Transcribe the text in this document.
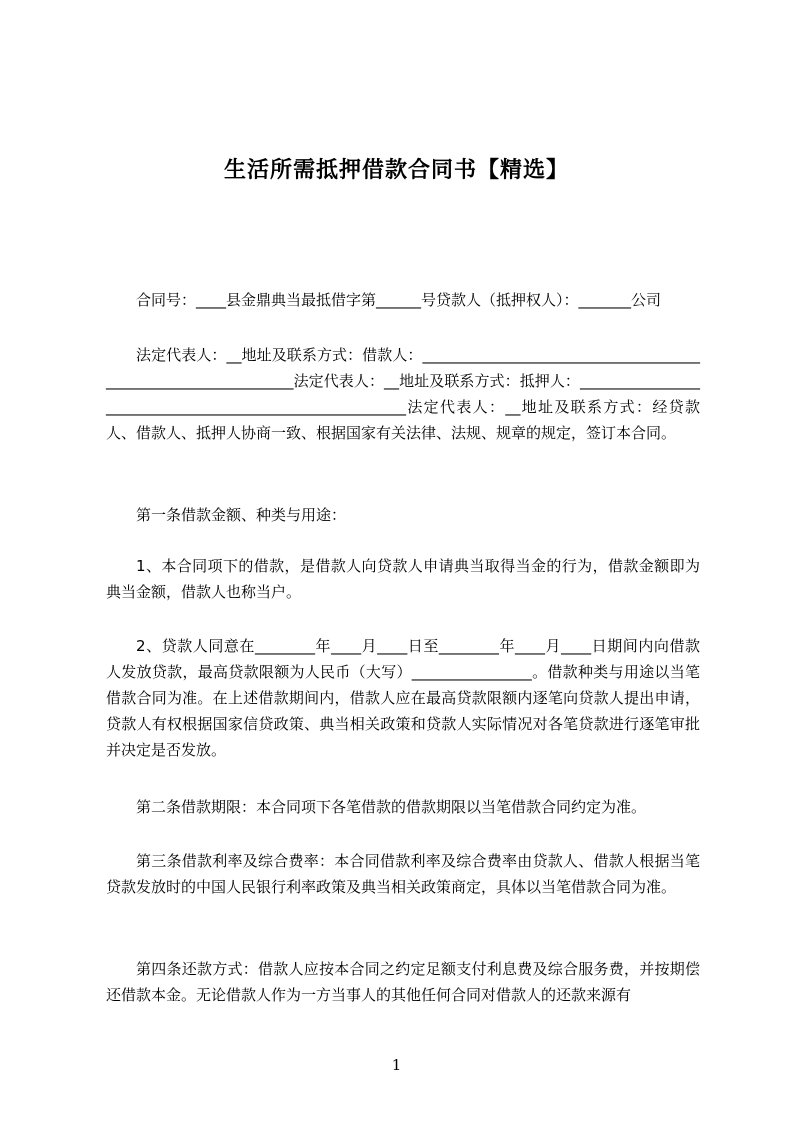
生活所需抵押借款合同书【精选】

合同号：____县金鼎典当最抵借字第______号贷款人（抵押权人）：_______公司

法定代表人：__地址及联系方式：借款人：______________________________________________________________法定代表人：__地址及联系方式：抵押人：________________________________________________________法定代表人：__地址及联系方式：经贷款人、借款人、抵押人协商一致、根据国家有关法律、法规、规章的规定，签订本合同。

第一条借款金额、种类与用途：

1、本合同项下的借款，是借款人向贷款人申请典当取得当金的行为，借款金额即为典当金额，借款人也称当户。

2、贷款人同意在________年____月____日至________年____月____日期间内向借款人发放贷款，最高贷款限额为人民币（大写）________________。借款种类与用途以当笔借款合同为准。在上述借款期间内，借款人应在最高贷款限额内逐笔向贷款人提出申请，贷款人有权根据国家信贷政策、典当相关政策和贷款人实际情况对各笔贷款进行逐笔审批并决定是否发放。

第二条借款期限：本合同项下各笔借款的借款期限以当笔借款合同约定为准。

第三条借款利率及综合费率：本合同借款利率及综合费率由贷款人、借款人根据当笔贷款发放时的中国人民银行利率政策及典当相关政策商定，具体以当笔借款合同为准。

第四条还款方式：借款人应按本合同之约定足额支付利息费及综合服务费，并按期偿还借款本金。无论借款人作为一方当事人的其他任何合同对借款人的还款来源有

1
